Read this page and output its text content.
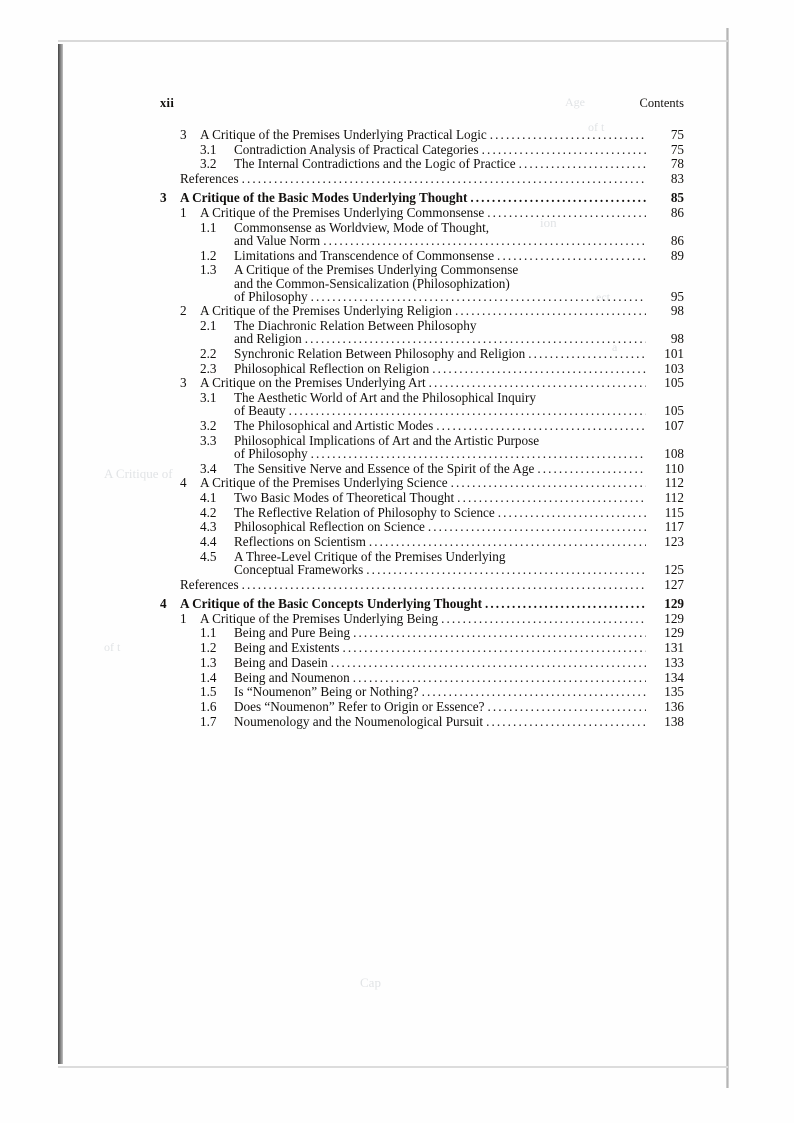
Age
of t
ion
A Critique of
ect
a
Cap
of t
xii	Contents
3	A Critique of the Premises Underlying Practical Logic .....	75
3.1	Contradiction Analysis of Practical Categories .....	75
3.2	The Internal Contradictions and the Logic of Practice .....	78
References .....	83
3	A Critique of the Basic Modes Underlying Thought .....	85
1	A Critique of the Premises Underlying Commonsense .....	86
1.1	Commonsense as Worldview, Mode of Thought,
and Value Norm .....	86
1.2	Limitations and Transcendence of Commonsense .....	89
1.3	A Critique of the Premises Underlying Commonsense
and the Common-Sensicalization (Philosophization)
of Philosophy .....	95
2	A Critique of the Premises Underlying Religion .....	98
2.1	The Diachronic Relation Between Philosophy
and Religion .....	98
2.2	Synchronic Relation Between Philosophy and Religion .....	101
2.3	Philosophical Reflection on Religion .....	103
3	A Critique on the Premises Underlying Art .....	105
3.1	The Aesthetic World of Art and the Philosophical Inquiry
of Beauty .....	105
3.2	The Philosophical and Artistic Modes .....	107
3.3	Philosophical Implications of Art and the Artistic Purpose
of Philosophy .....	108
3.4	The Sensitive Nerve and Essence of the Spirit of the Age .....	110
4	A Critique of the Premises Underlying Science .....	112
4.1	Two Basic Modes of Theoretical Thought .....	112
4.2	The Reflective Relation of Philosophy to Science .....	115
4.3	Philosophical Reflection on Science .....	117
4.4	Reflections on Scientism .....	123
4.5	A Three-Level Critique of the Premises Underlying
Conceptual Frameworks .....	125
References .....	127
4	A Critique of the Basic Concepts Underlying Thought .....	129
1	A Critique of the Premises Underlying Being .....	129
1.1	Being and Pure Being .....	129
1.2	Being and Existents .....	131
1.3	Being and Dasein .....	133
1.4	Being and Noumenon .....	134
1.5	Is “Noumenon” Being or Nothing? .....	135
1.6	Does “Noumenon” Refer to Origin or Essence? .....	136
1.7	Noumenology and the Noumenological Pursuit .....	138
